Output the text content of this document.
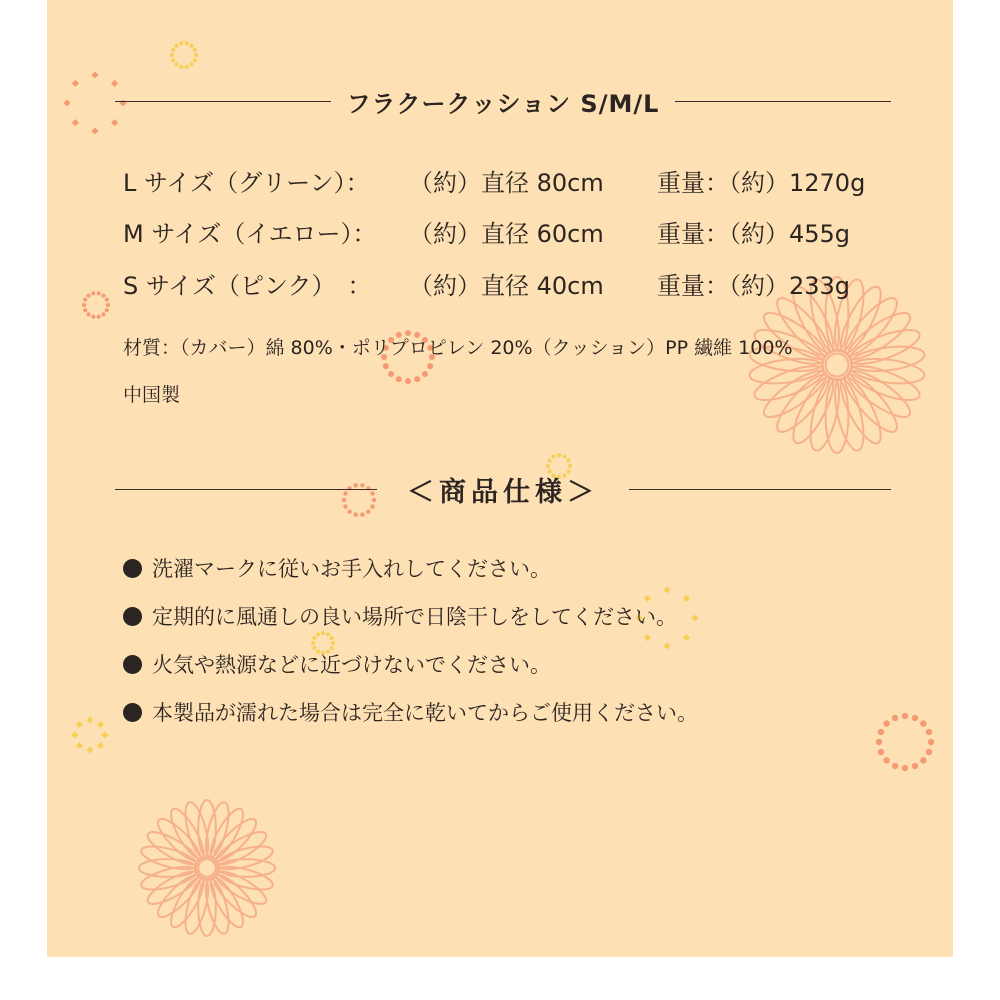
フラクークッション S/M/L
L サイズ（グリーン）：	（約）直径 80cm	重量：（約）1270g
M サイズ（イエロー）：	（約）直径 60cm	重量：（約）455g
S サイズ（ピンク）　：	（約）直径 40cm	重量：（約）233g
材質：（カバー）綿 80%・ポリプロピレン 20%（クッション）PP 繊維 100%
中国製
＜商品仕様＞
洗濯マークに従いお手入れしてください。
定期的に風通しの良い場所で日陰干しをしてください。
火気や熱源などに近づけないでください。
本製品が濡れた場合は完全に乾いてからご使用ください。
